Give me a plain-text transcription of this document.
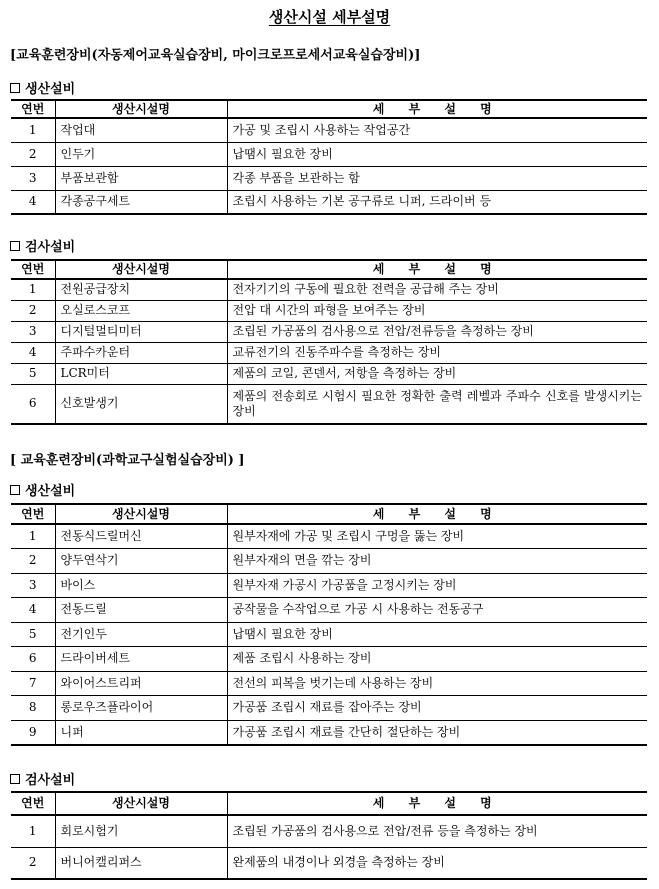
생산시설 세부설명
[교육훈련장비(자동제어교육실습장비, 마이크로프로세서교육실습장비)]
생산설비
연번	생산시설명	세 부 설 명
1	작업대	가공 및 조립시 사용하는 작업공간
2	인두기	납땜시 필요한 장비
3	부품보관함	각종 부품을 보관하는 함
4	각종공구세트	조립시 사용하는 기본 공구류로 니퍼, 드라이버 등
검사설비
연번	생산시설명	세 부 설 명
1	전원공급장치	전자기기의 구동에 필요한 전력을 공급해 주는 장비
2	오실로스코프	전압 대 시간의 파형을 보여주는 장비
3	디지털멀티미터	조립된 가공품의 검사용으로 전압/전류등을 측정하는 장비
4	주파수카운터	교류전기의 진동주파수를 측정하는 장비
5	LCR미터	제품의 코일, 콘덴서, 저항을 측정하는 장비
6	신호발생기	제품의 전송회로 시험시 필요한 정확한 출력 레벨과 주파수 신호를 발생시키는 장비
[ 교육훈련장비(과학교구실험실습장비) ]
생산설비
연번	생산시설명	세 부 설 명
1	전동식드릴머신	원부자재에 가공 및 조립시 구멍을 뚫는 장비
2	양두연삭기	원부자재의 면을 깎는 장비
3	바이스	원부자재 가공시 가공품을 고정시키는 장비
4	전동드릴	공작물을 수작업으로 가공 시 사용하는 전동공구
5	전기인두	납땜시 필요한 장비
6	드라이버세트	제품 조립시 사용하는 장비
7	와이어스트리퍼	전선의 피복을 벗기는데 사용하는 장비
8	롱로우즈플라이어	가공품 조립시 재료를 잡아주는 장비
9	니퍼	가공품 조립시 재료를 간단히 절단하는 장비
검사설비
연번	생산시설명	세 부 설 명
1	회로시험기	조립된 가공품의 검사용으로 전압/전류 등을 측정하는 장비
2	버니어캘리퍼스	완제품의 내경이나 외경을 측정하는 장비
